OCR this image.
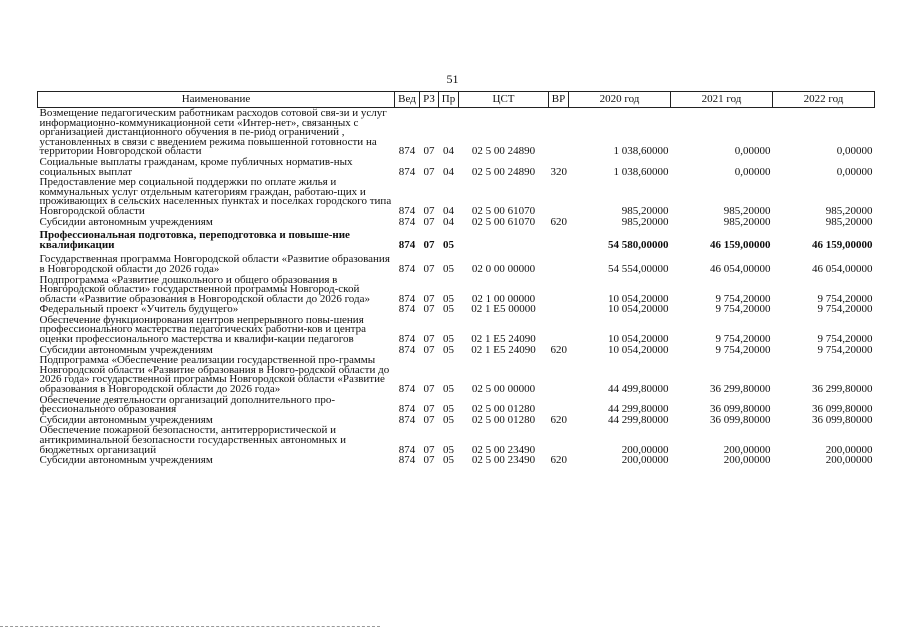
51
Наименование	Вед	РЗ	Пр	ЦСТ	ВР	2020 год	2021 год	2022 год
Возмещение педагогическим работникам расходов сотовой свя-зи и услуг информационно-коммуникационной сети «Интер-нет», связанных с организацией дистанционного обучения в пе-риод ограничений , установленных в связи с введением режима повышенной готовности на территории Новгородской области	874	07	04	02 5 00 24890		1 038,60000	0,00000	0,00000
Социальные выплаты гражданам, кроме публичных норматив-ных социальных выплат	874	07	04	02 5 00 24890	320	1 038,60000	0,00000	0,00000
Предоставление мер социальной поддержки по оплате жилья и коммунальных услуг отдельным категориям граждан, работаю-щих и проживающих в сельских населенных пунктах и поселках городского типа Новгородской области	874	07	04	02 5 00 61070		985,20000	985,20000	985,20000
Субсидии автономным учреждениям	874	07	04	02 5 00 61070	620	985,20000	985,20000	985,20000
Профессиональная подготовка, переподготовка и повыше-ние квалификации	874	07	05			54 580,00000	46 159,00000	46 159,00000
Государственная программа Новгородской области «Развитие образования в Новгородской области до 2026 года»	874	07	05	02 0 00 00000		54 554,00000	46 054,00000	46 054,00000
Подпрограмма «Развитие дошкольного и общего образования в Новгородской области» государственной программы Новгород-ской области «Развитие образования в Новгородской области до 2026 года»	874	07	05	02 1 00 00000		10 054,20000	9 754,20000	9 754,20000
Федеральный проект «Учитель будущего»	874	07	05	02 1 E5 00000		10 054,20000	9 754,20000	9 754,20000
Обеспечение функционирования центров непрерывного повы-шения профессионального мастерства педагогических работни-ков и центра оценки профессионального мастерства и квалифи-кации педагогов	874	07	05	02 1 E5 24090		10 054,20000	9 754,20000	9 754,20000
Субсидии автономным учреждениям	874	07	05	02 1 E5 24090	620	10 054,20000	9 754,20000	9 754,20000
Подпрограмма «Обеспечение реализации государственной про-граммы Новгородской области «Развитие образования в Новго-родской области до 2026 года» государственной программы Новгородской области «Развитие образования в Новгородской области до 2026 года»	874	07	05	02 5 00 00000		44 499,80000	36 299,80000	36 299,80000
Обеспечение деятельности организаций дополнительного про-фессионального образования	874	07	05	02 5 00 01280		44 299,80000	36 099,80000	36 099,80000
Субсидии автономным учреждениям	874	07	05	02 5 00 01280	620	44 299,80000	36 099,80000	36 099,80000
Обеспечение пожарной безопасности, антитеррористической и антикриминальной безопасности государственных автономных и бюджетных организаций	874	07	05	02 5 00 23490		200,00000	200,00000	200,00000
Субсидии автономным учреждениям	874	07	05	02 5 00 23490	620	200,00000	200,00000	200,00000
